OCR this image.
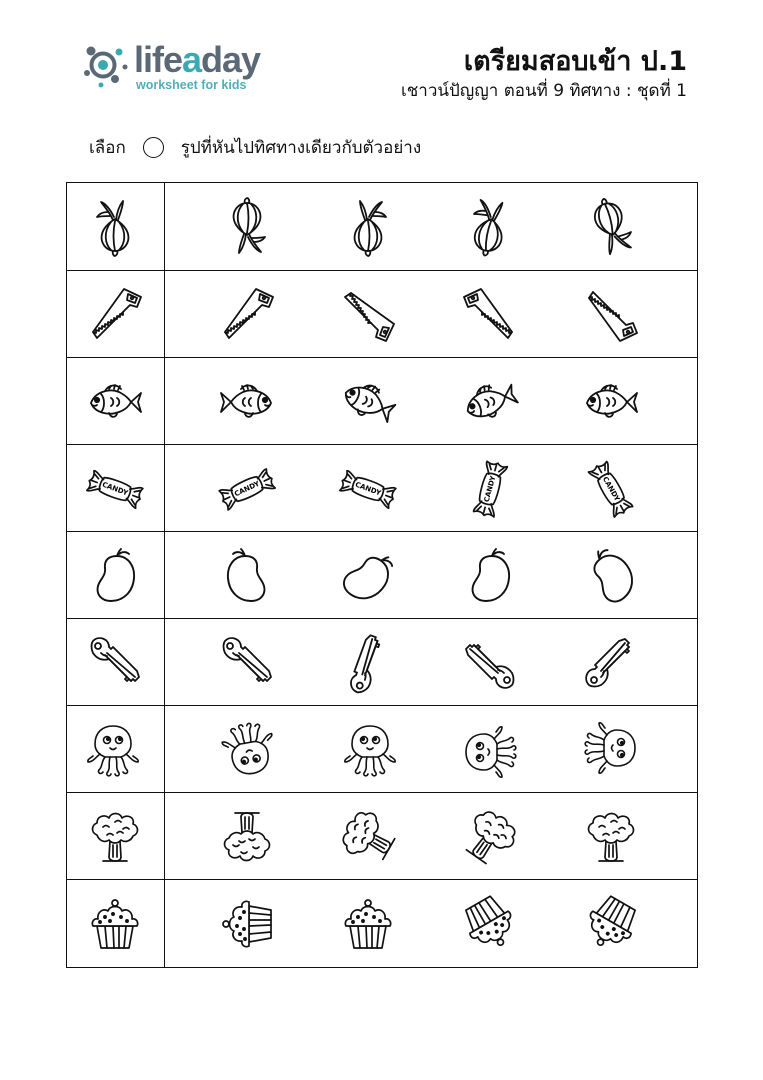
lifeaday
worksheet for kids
เตรียมสอบเข้า ป.1
เชาวน์ปัญญา ตอนที่ 9 ทิศทาง : ชุดที่ 1
เลือก	รูปที่หันไปทิศทางเดียวกับตัวอย่าง
CANDY	CANDY	CANDY	CANDY	CANDY
